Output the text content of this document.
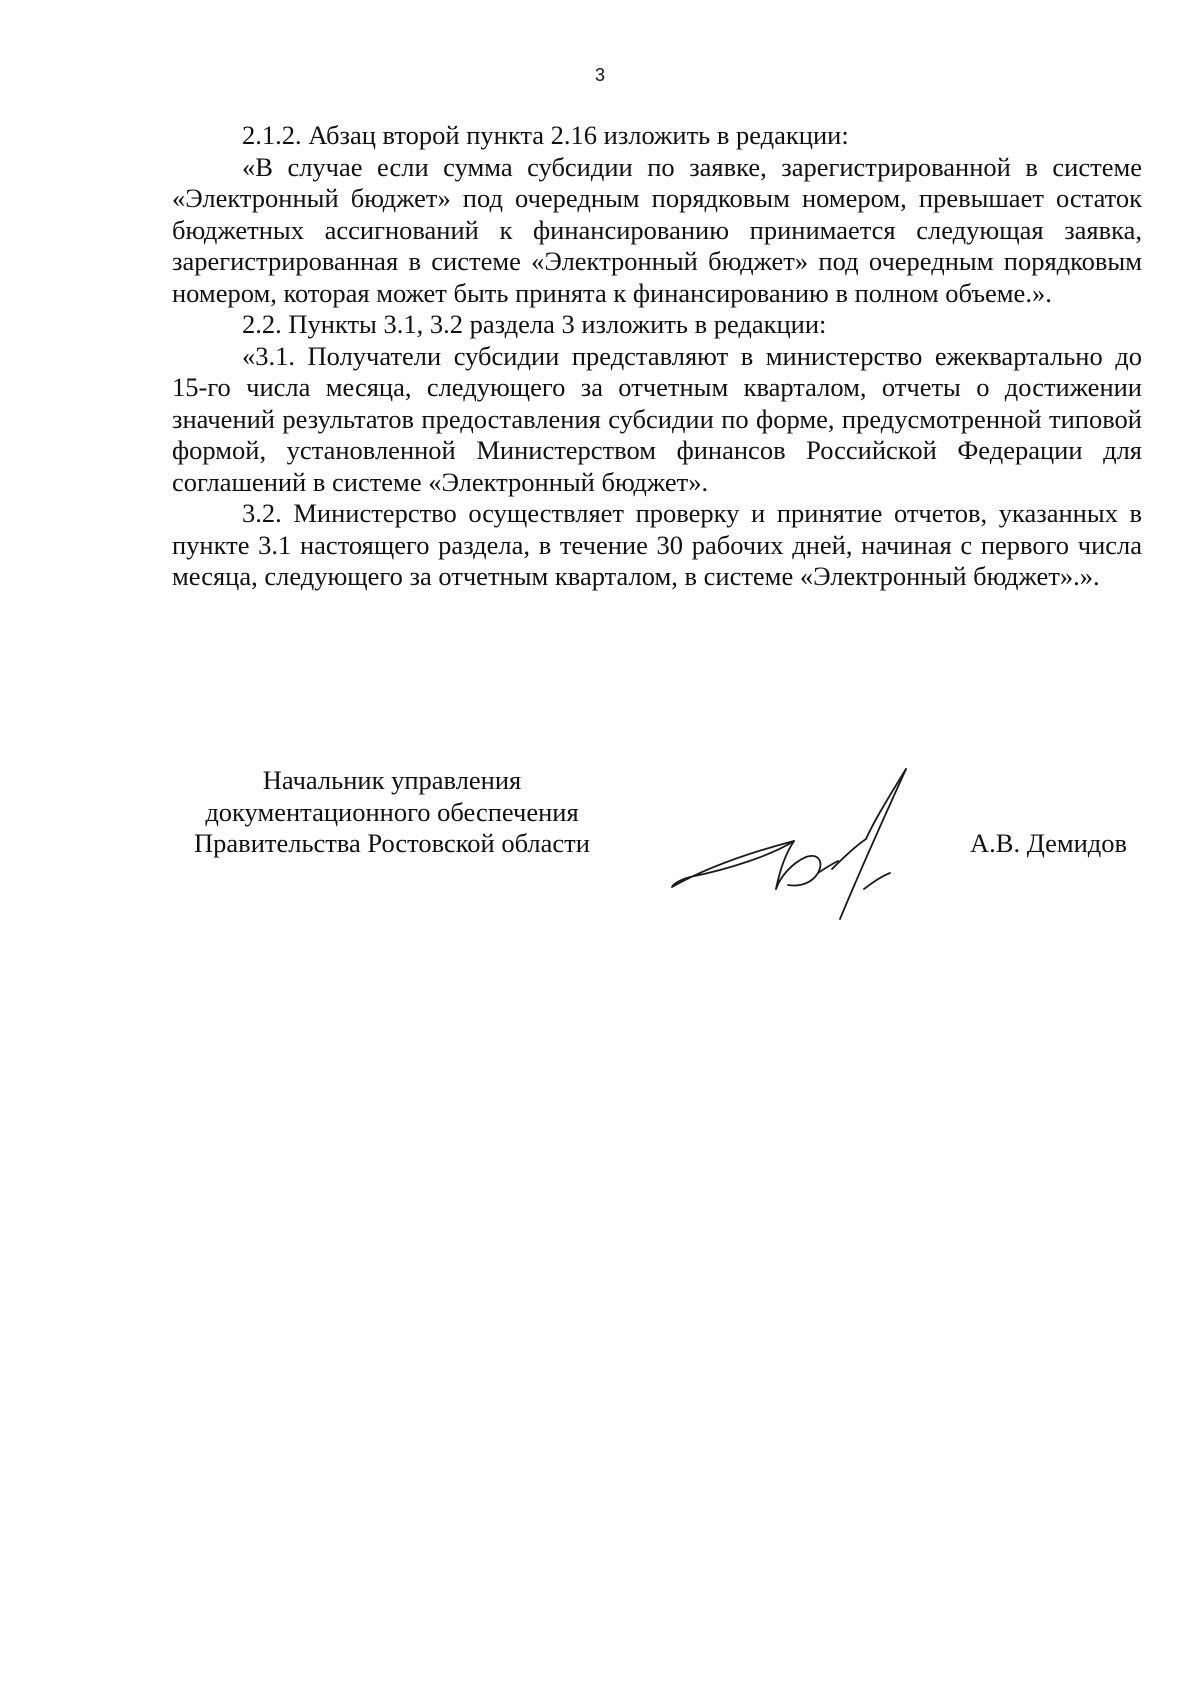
3

2.1.2. Абзац второй пункта 2.16 изложить в редакции:

«В случае если сумма субсидии по заявке, зарегистрированной в системе «Электронный бюджет» под очередным порядковым номером, превышает остаток бюджетных ассигнований к финансированию принимается следующая заявка, зарегистрированная в системе «Электронный бюджет» под очередным порядковым номером, которая может быть принята к финансированию в полном объеме.».

2.2. Пункты 3.1, 3.2 раздела 3 изложить в редакции:

«3.1. Получатели субсидии представляют в министерство ежеквартально до 15-го числа месяца, следующего за отчетным кварталом, отчеты о достижении значений результатов предоставления субсидии по форме, предусмотренной типовой формой, установленной Министерством финансов Российской Федерации для соглашений в системе «Электронный бюджет».

3.2. Министерство осуществляет проверку и принятие отчетов, указанных в пункте 3.1 настоящего раздела, в течение 30 рабочих дней, начиная с первого числа месяца, следующего за отчетным кварталом, в системе «Электронный бюджет».».

Начальник управления
документационного обеспечения
Правительства Ростовской области	А.В. Демидов
